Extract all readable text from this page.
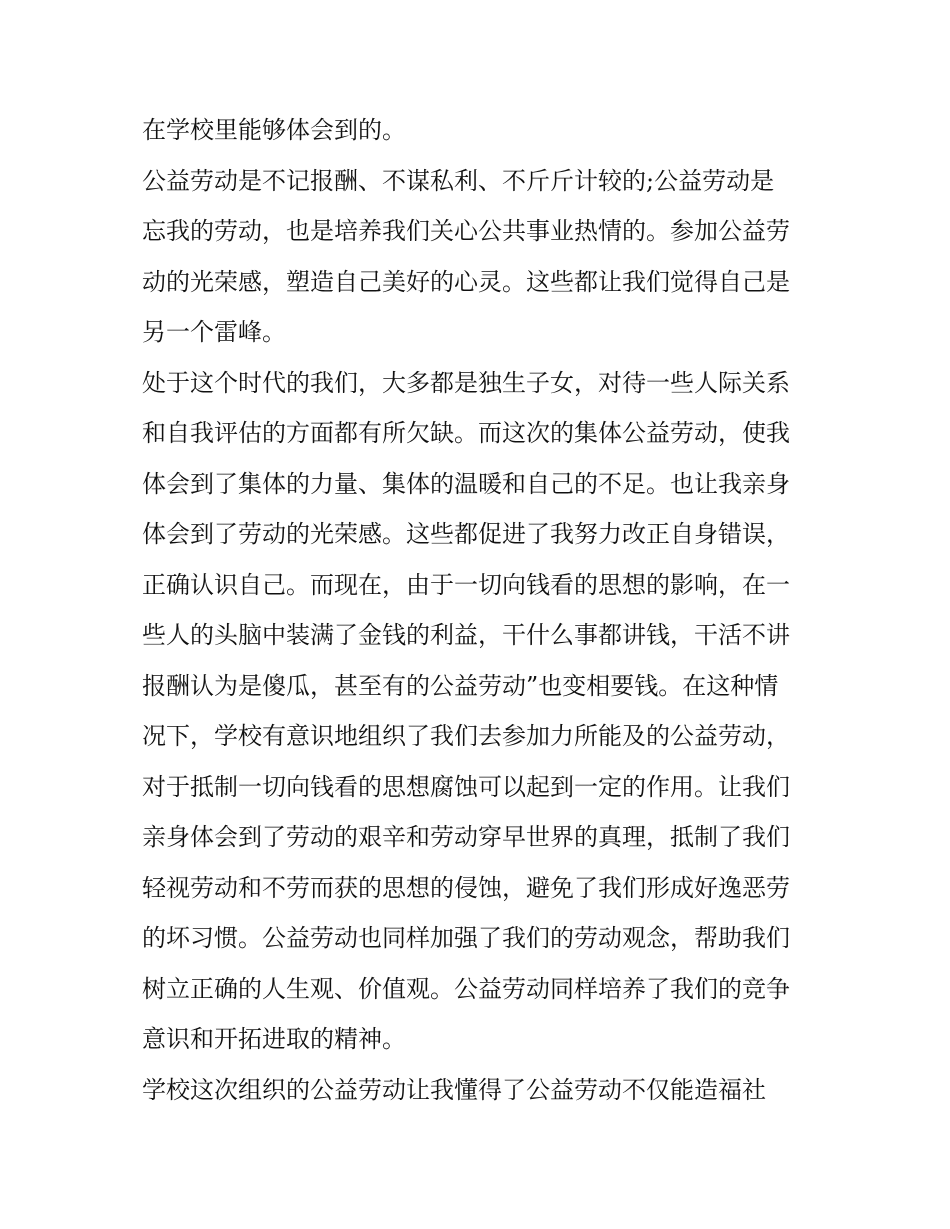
在学校里能够体会到的。
公益劳动是不记报酬、不谋私利、不斤斤计较的;公益劳动是
忘我的劳动，也是培养我们关心公共事业热情的。参加公益劳
动的光荣感，塑造自己美好的心灵。这些都让我们觉得自己是
另一个雷峰。
处于这个时代的我们，大多都是独生子女，对待一些人际关系
和自我评估的方面都有所欠缺。而这次的集体公益劳动，使我
体会到了集体的力量、集体的温暖和自己的不足。也让我亲身
体会到了劳动的光荣感。这些都促进了我努力改正自身错误，
正确认识自己。而现在，由于一切向钱看的思想的影响，在一
些人的头脑中装满了金钱的利益，干什么事都讲钱，干活不讲
报酬认为是傻瓜，甚至有的公益劳动”也变相要钱。在这种情
况下，学校有意识地组织了我们去参加力所能及的公益劳动，
对于抵制一切向钱看的思想腐蚀可以起到一定的作用。让我们
亲身体会到了劳动的艰辛和劳动穿早世界的真理，抵制了我们
轻视劳动和不劳而获的思想的侵蚀，避免了我们形成好逸恶劳
的坏习惯。公益劳动也同样加强了我们的劳动观念，帮助我们
树立正确的人生观、价值观。公益劳动同样培养了我们的竞争
意识和开拓进取的精神。
学校这次组织的公益劳动让我懂得了公益劳动不仅能造福社
